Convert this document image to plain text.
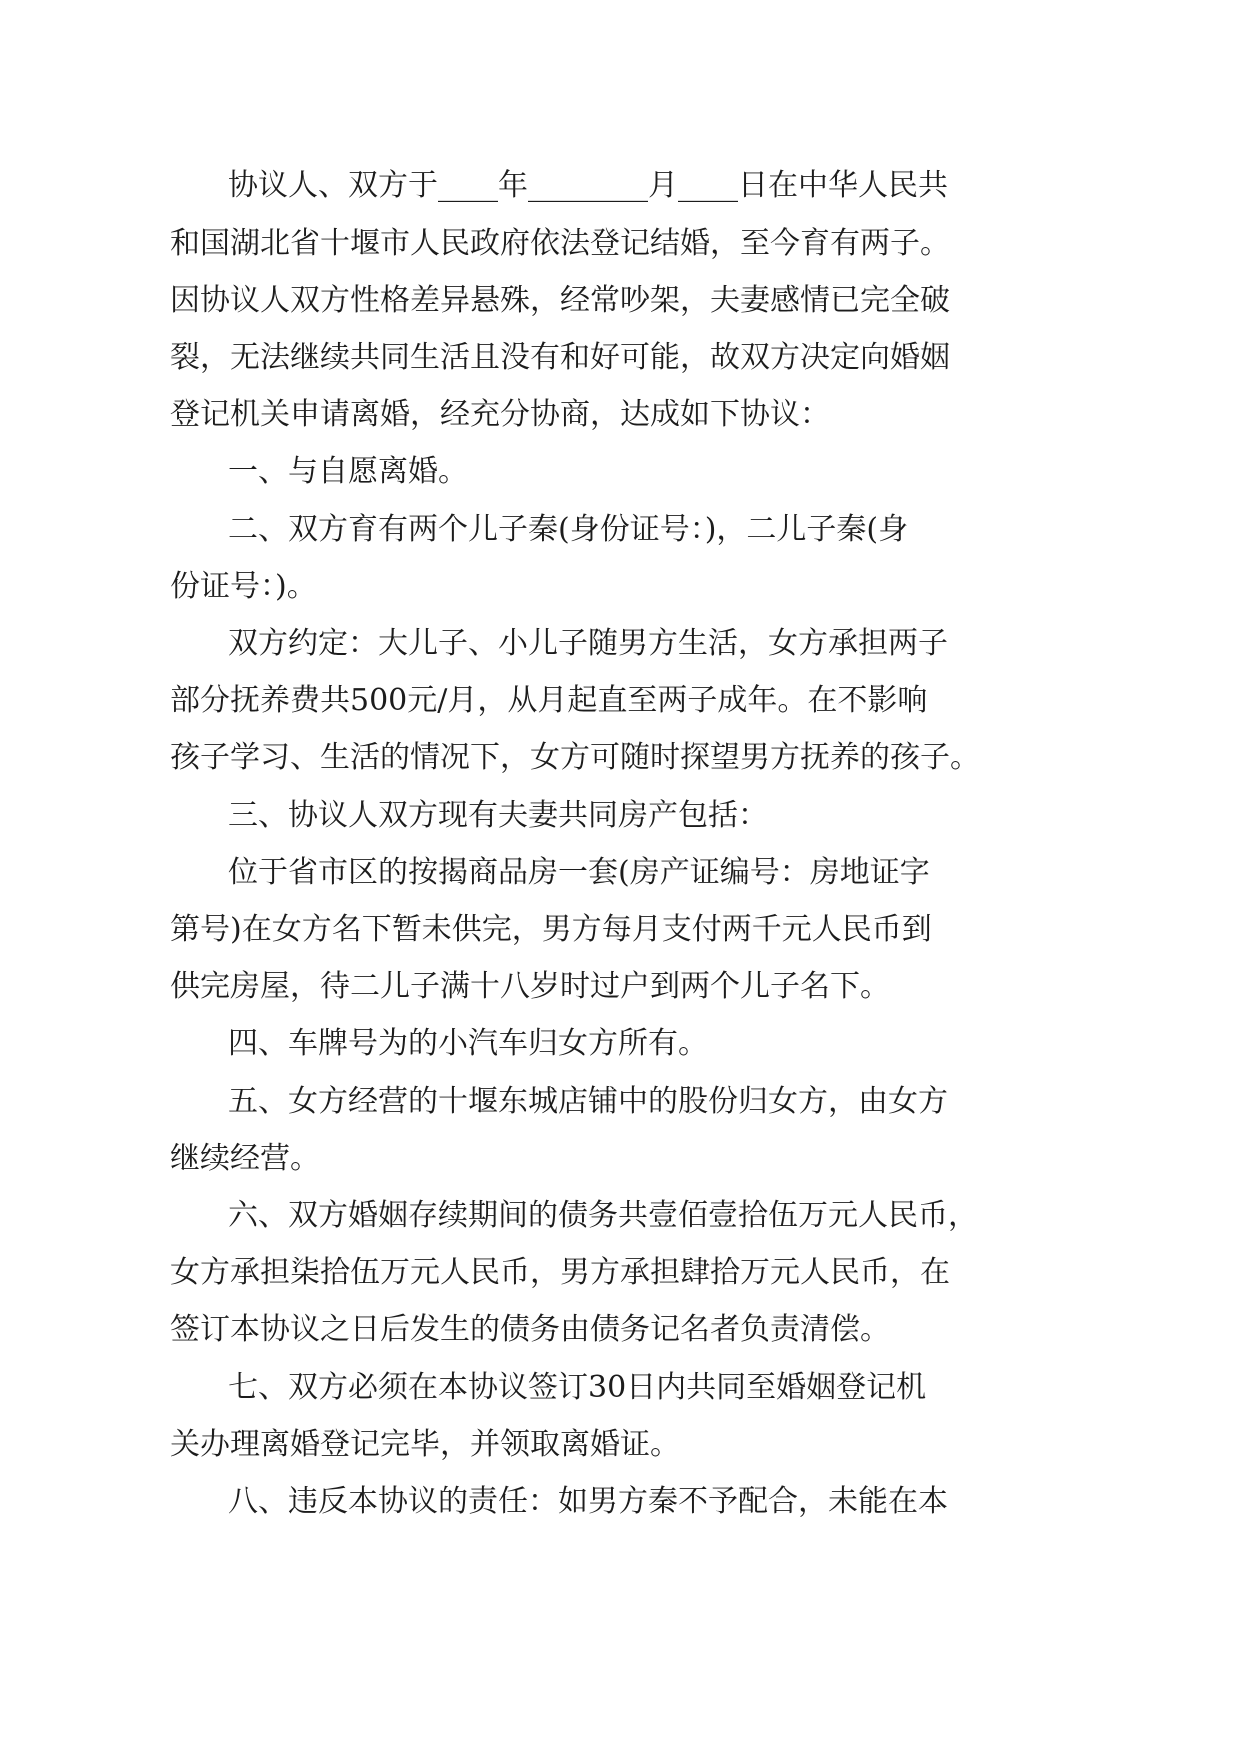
协议人、双方于____年________月____日在中华人民共

和国湖北省十堰市人民政府依法登记结婚，至今育有两子。

因协议人双方性格差异悬殊，经常吵架，夫妻感情已完全破

裂，无法继续共同生活且没有和好可能，故双方决定向婚姻

登记机关申请离婚，经充分协商，达成如下协议：

一、与自愿离婚。

二、双方育有两个儿子秦(身份证号：)，二儿子秦(身

份证号：)。

双方约定：大儿子、小儿子随男方生活，女方承担两子

部分抚养费共500元/月，从月起直至两子成年。在不影响

孩子学习、生活的情况下，女方可随时探望男方抚养的孩子。

三、协议人双方现有夫妻共同房产包括：

位于省市区的按揭商品房一套(房产证编号：房地证字

第号)在女方名下暂未供完，男方每月支付两千元人民币到

供完房屋，待二儿子满十八岁时过户到两个儿子名下。

四、车牌号为的小汽车归女方所有。

五、女方经营的十堰东城店铺中的股份归女方，由女方

继续经营。

六、双方婚姻存续期间的债务共壹佰壹拾伍万元人民币，

女方承担柒拾伍万元人民币，男方承担肆拾万元人民币，在

签订本协议之日后发生的债务由债务记名者负责清偿。

七、双方必须在本协议签订30日内共同至婚姻登记机

关办理离婚登记完毕，并领取离婚证。

八、违反本协议的责任：如男方秦不予配合，未能在本
